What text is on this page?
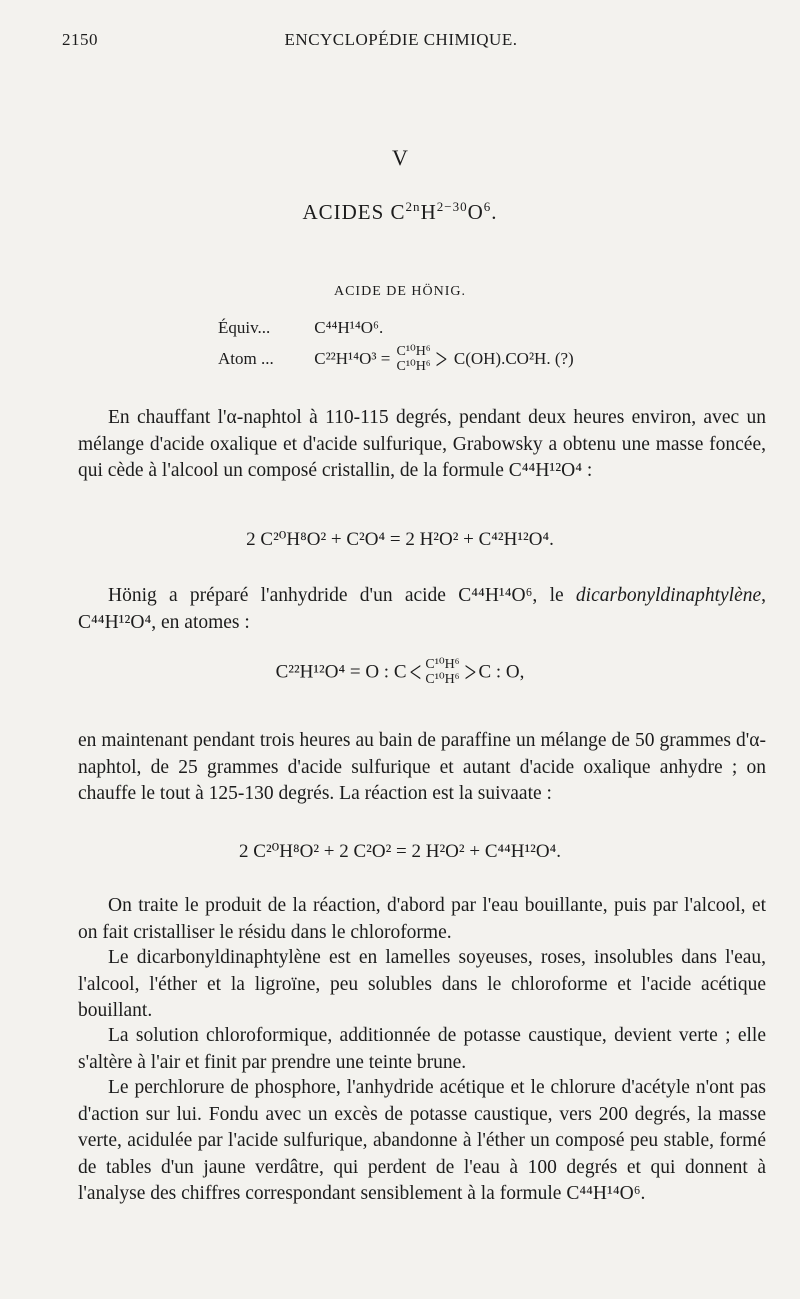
2150	ENCYCLOPÉDIE CHIMIQUE.
V
ACIDES $C^{2n}H^{2-30}O^6$.
ACIDE DE HÖNIG.
Équiv...	C⁴⁴H¹⁴O⁶.
Atom ... C²²H¹⁴O³ = C¹⁰H⁶
C¹⁰H⁶ > C(OH).CO²H. (?)
En chauffant l'α-naphtol à 110-115 degrés, pendant deux heures environ, avec un mélange d'acide oxalique et d'acide sulfurique, Grabowsky a obtenu une masse foncée, qui cède à l'alcool un composé cristallin, de la formule C⁴⁴H¹²O⁴ :
2 C²⁰H⁸O² + C²O⁴ = 2 H²O² + C⁴²H¹²O⁴.
Hönig a préparé l'anhydride d'un acide C⁴⁴H¹⁴O⁶, le dicarbonyldinaphtylène, C⁴⁴H¹²O⁴, en atomes :
C²²H¹²O⁴ = O : C< C¹⁰H⁶
C¹⁰H⁶ > C : O,
en maintenant pendant trois heures au bain de paraffine un mélange de 50 grammes d'α-naphtol, de 25 grammes d'acide sulfurique et autant d'acide oxalique anhydre ; on chauffe le tout à 125-130 degrés. La réaction est la suivaate :
2 C²⁰H⁸O² + 2 C²O² = 2 H²O² + C⁴⁴H¹²O⁴.
On traite le produit de la réaction, d'abord par l'eau bouillante, puis par l'alcool, et on fait cristalliser le résidu dans le chloroforme.
Le dicarbonyldinaphtylène est en lamelles soyeuses, roses, insolubles dans l'eau, l'alcool, l'éther et la ligroïne, peu solubles dans le chloroforme et l'acide acétique bouillant.
La solution chloroformique, additionnée de potasse caustique, devient verte ; elle s'altère à l'air et finit par prendre une teinte brune.
Le perchlorure de phosphore, l'anhydride acétique et le chlorure d'acétyle n'ont pas d'action sur lui. Fondu avec un excès de potasse caustique, vers 200 degrés, la masse verte, acidulée par l'acide sulfurique, abandonne à l'éther un composé peu stable, formé de tables d'un jaune verdâtre, qui perdent de l'eau à 100 degrés et qui donnent à l'analyse des chiffres correspondant sensiblement à la formule C⁴⁴H¹⁴O⁶.
